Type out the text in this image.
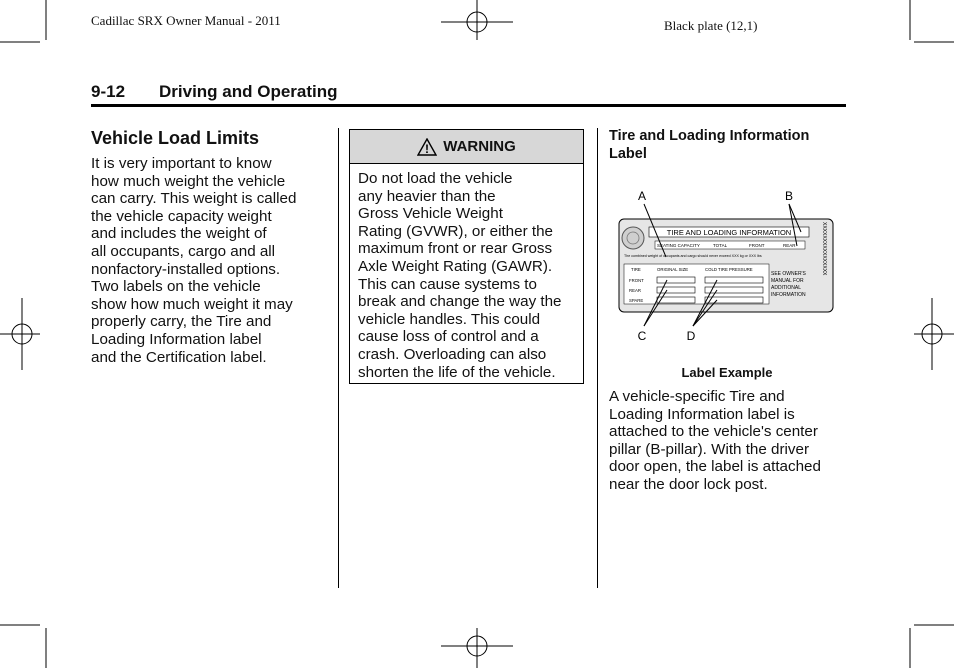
Cadillac SRX Owner Manual - 2011	Black plate (12,1)
9-12 Driving and Operating
Vehicle Load Limits
It is very important to know
how much weight the vehicle
can carry. This weight is called
the vehicle capacity weight
and includes the weight of
all occupants, cargo and all
nonfactory-installed options.
Two labels on the vehicle
show how much weight it may
properly carry, the Tire and
Loading Information label
and the Certification label.
! WARNING
Do not load the vehicle
any heavier than the
Gross Vehicle Weight
Rating (GVWR), or either the
maximum front or rear Gross
Axle Weight Rating (GAWR).
This can cause systems to
break and change the way the
vehicle handles. This could
cause loss of control and a
crash. Overloading can also
shorten the life of the vehicle.
Tire and Loading Information Label
A	B
C	D
TIRE AND LOADING INFORMATION
SEATING CAPACITY	TOTAL	FRONT	REAR
The combined weight of occupants and cargo should never exceed XXX kg or XXX lbs
TIRE	ORIGINAL SIZE	COLD TIRE PRESSURE
FRONT
REAR
SPARE
SEE OWNER'S
MANUAL FOR
ADDITIONAL
INFORMATION
XXXXXXXXXXXXXXXX
Label Example
A vehicle-specific Tire and
Loading Information label is
attached to the vehicle's center
pillar (B-pillar). With the driver
door open, the label is attached
near the door lock post.
